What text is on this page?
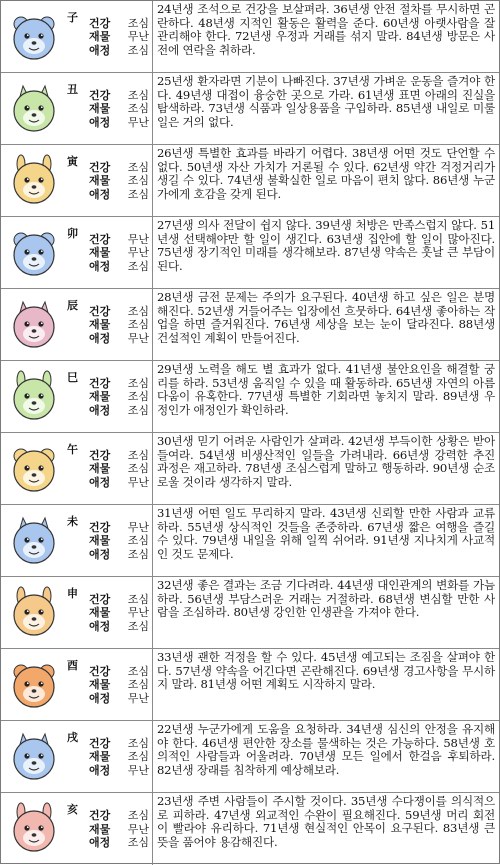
子 건강 조심
재물 무난
애정 조심
24년생 조석으로 건강을 보살펴라. 36년생 안전 절차를 무시하면 곤란하다. 48년생 지적인 활동은 활력을 준다. 60년생 아랫사람을 잘 관리해야 한다. 72년생 우정과 거래를 섞지 말라. 84년생 방문은 사전에 연락을 취하라.
丑 건강 조심
재물 조심
애정 무난
25년생 환자라면 기분이 나빠진다. 37년생 가벼운 운동을 즐겨야 한다. 49년생 대접이 융숭한 곳으로 가라. 61년생 표면 아래의 진실을 탐색하라. 73년생 식품과 일상용품을 구입하라. 85년생 내일로 미룰 일은 거의 없다.
寅 건강 조심
재물 조심
애정 조심
26년생 특별한 효과를 바라기 어렵다. 38년생 어떤 것도 단언할 수 없다. 50년생 자산 가치가 거론될 수 있다. 62년생 약간 걱정거리가 생길 수 있다. 74년생 불확실한 일로 마음이 편치 않다. 86년생 누군가에게 호감을 갖게 된다.
卯 건강 무난
재물 무난
애정 조심
27년생 의사 전달이 쉽지 않다. 39년생 처방은 만족스럽지 않다. 51년생 선택해야만 할 일이 생긴다. 63년생 집안에 할 일이 많아진다. 75년생 장기적인 미래를 생각해보라. 87년생 약속은 훗날 큰 부담이 된다.
辰 건강 조심
재물 조심
애정 무난
28년생 금전 문제는 주의가 요구된다. 40년생 하고 싶은 일은 분명해진다. 52년생 거들어주는 입장에선 흐뭇하다. 64년생 좋아하는 작업을 하면 즐거워진다. 76년생 세상을 보는 눈이 달라진다. 88년생 건설적인 계획이 만들어진다.
巳 건강 조심
재물 조심
애정 조심
29년생 노력을 해도 별 효과가 없다. 41년생 불안요인을 해결할 궁리를 하라. 53년생 움직일 수 있을 때 활동하라. 65년생 자연의 아름다움이 유혹한다. 77년생 특별한 기회라면 놓치지 말라. 89년생 우정인가 애정인가 확인하라.
午 건강 조심
재물 조심
애정 무난
30년생 믿기 어려운 사람인가 살펴라. 42년생 부득이한 상황은 받아들여라. 54년생 비생산적인 일들을 가려내라. 66년생 강력한 추진 과정은 재고하라. 78년생 조심스럽게 말하고 행동하라. 90년생 순조로울 것이라 생각하지 말라.
未 건강 무난
재물 조심
애정 조심
31년생 어떤 일도 무리하지 말라. 43년생 신뢰할 만한 사람과 교류하라. 55년생 상식적인 것들을 존중하라. 67년생 짧은 여행을 즐길 수 있다. 79년생 내일을 위해 일찍 쉬어라. 91년생 지나치게 사교적인 것도 문제다.
申 건강 조심
재물 무난
애정 조심
32년생 좋은 결과는 조금 기다려라. 44년생 대인관계의 변화를 가늠하라. 56년생 부담스러운 거래는 거절하라. 68년생 변심할 만한 사람을 조심하라. 80년생 강인한 인생관을 가져야 한다.
酉 건강 조심
재물 조심
애정 무난
33년생 괜한 걱정을 할 수 있다. 45년생 예고되는 조짐을 살펴야 한다. 57년생 약속을 어긴다면 곤란해진다. 69년생 경고사항을 무시하지 말라. 81년생 어떤 계획도 시작하지 말라.
戌 건강 조심
재물 조심
애정 무난
22년생 누군가에게 도움을 요청하라. 34년생 심신의 안정을 유지해야 한다. 46년생 편안한 장소를 물색하는 것은 가능하다. 58년생 호의적인 사람들과 어울려라. 70년생 모든 일에서 한걸음 후퇴하라. 82년생 장래를 침착하게 예상해보라.
亥 건강 조심
재물 무난
애정 조심
23년생 주변 사람들이 주시할 것이다. 35년생 수다쟁이를 의식적으로 피하라. 47년생 외교적인 수완이 필요해진다. 59년생 머리 회전이 빨라야 유리하다. 71년생 현실적인 안목이 요구된다. 83년생 큰 뜻을 품어야 용감해진다.
